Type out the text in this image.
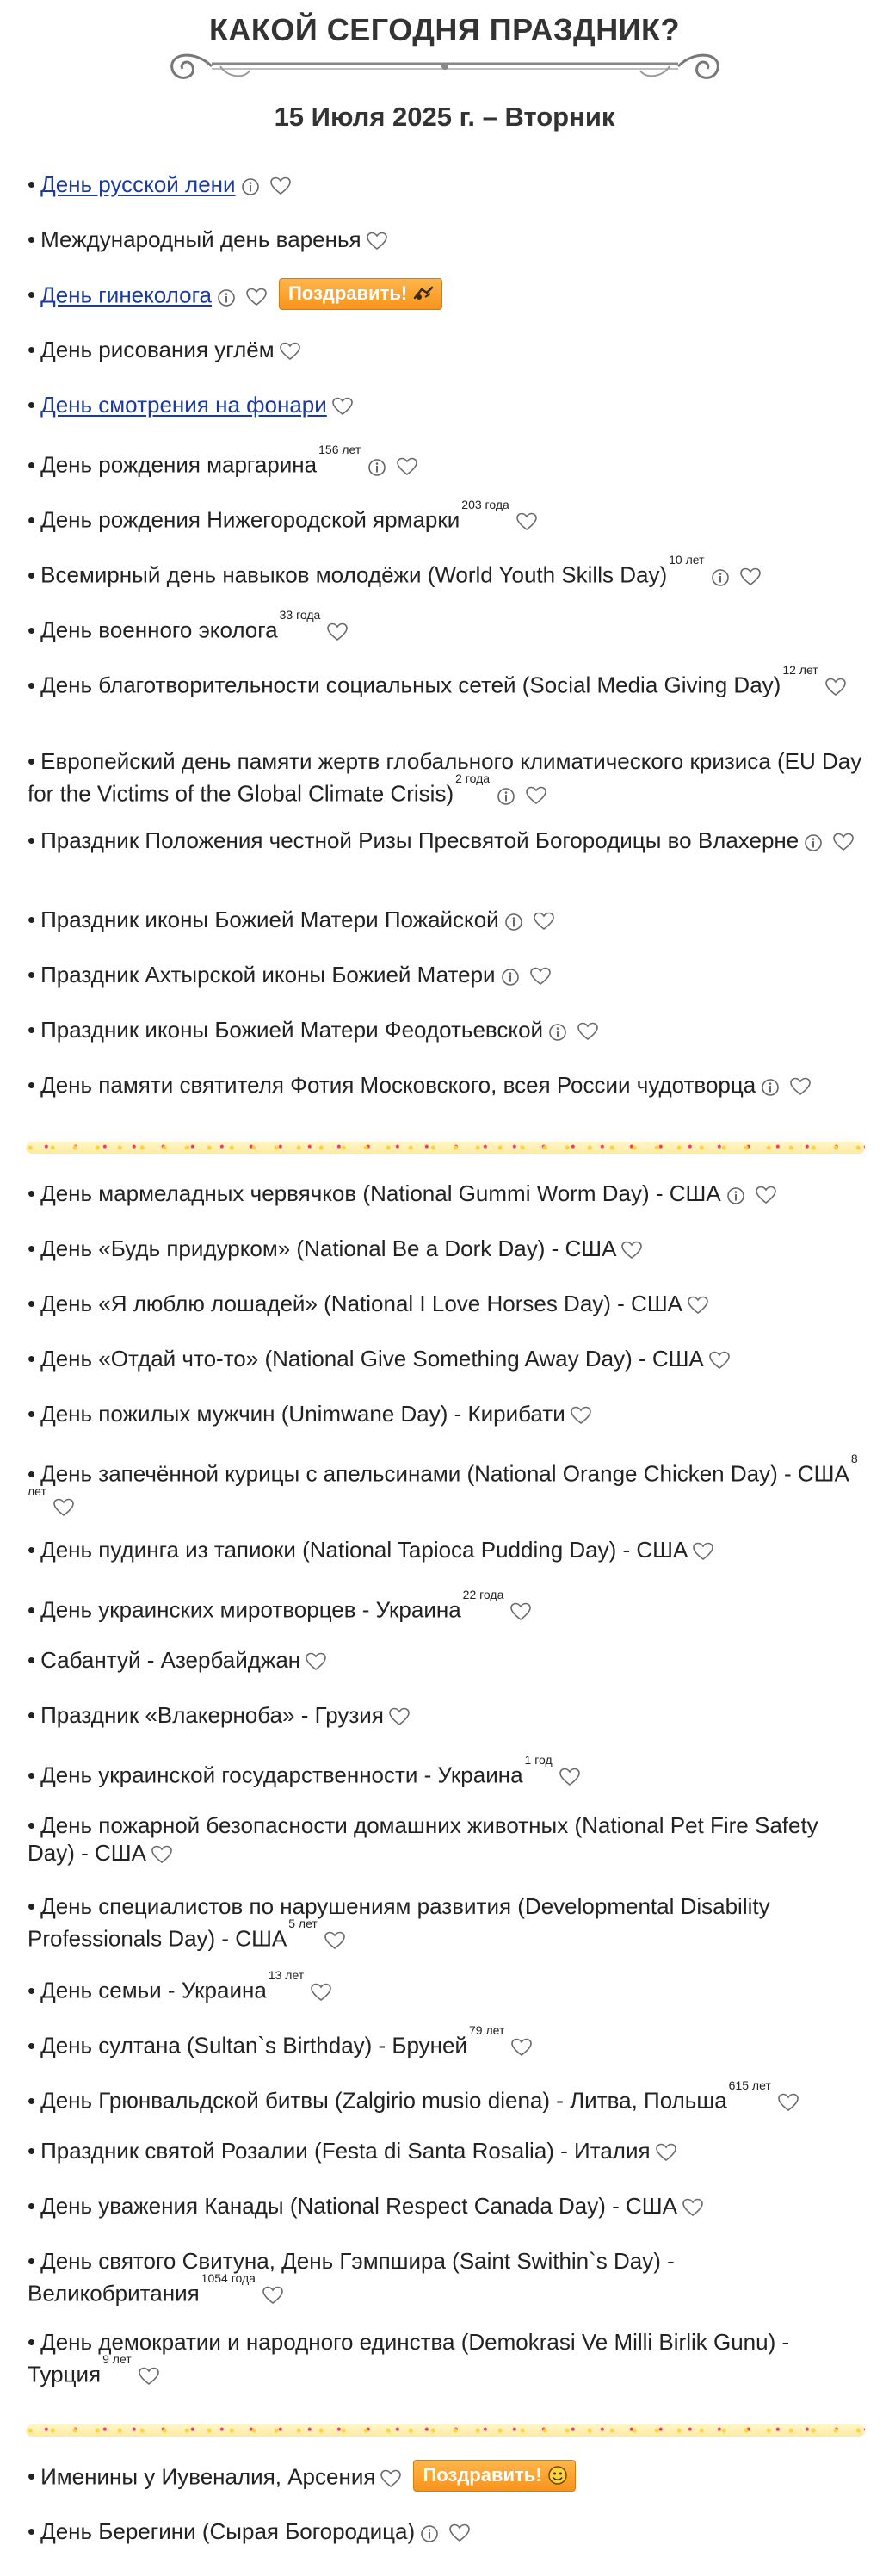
КАКОЙ СЕГОДНЯ ПРАЗДНИК?
15 Июля 2025 г. – Вторник
• День русской лени
• Международный день варенья
• День гинеколога	Поздравить!
• День рисования углём
• День смотрения на фонари
• День рождения маргарина$^{156 лет}$
• День рождения Нижегородской ярмарки$^{203 года}$
• Всемирный день навыков молодёжи (World Youth Skills Day)$^{10 лет}$
• День военного эколога$^{33 года}$
• День благотворительности социальных сетей (Social Media Giving Day)$^{12 лет}$
• Европейский день памяти жертв глобального климатического кризиса (EU Day for the Victims of the Global Climate Crisis)$^{2 года}$
• Праздник Положения честной Ризы Пресвятой Богородицы во Влахерне
• Праздник иконы Божией Матери Пожайской
• Праздник Ахтырской иконы Божией Матери
• Праздник иконы Божией Матери Феодотьевской
• День памяти святителя Фотия Московского, всея России чудотворца
• День мармеладных червячков (National Gummi Worm Day) - США
• День «Будь придурком» (National Be a Dork Day) - США
• День «Я люблю лошадей» (National I Love Horses Day) - США
• День «Отдай что-то» (National Give Something Away Day) - США
• День пожилых мужчин (Unimwane Day) - Кирибати
• День запечённой курицы с апельсинами (National Orange Chicken $Day) - США^{8 лет}$
• День пудинга из тапиоки (National Tapioca Pudding Day) - США
• День украинских миротворцев - Украина$^{22 года}$
• Сабантуй - Азербайджан
• Праздник «Влакерноба» - Грузия
• День украинской государственности - Украина$^{1 год}$
• День пожарной безопасности домашних животных (National Pet Fire Safety Day) - США
• День специалистов по нарушениям развития (Developmental Disability Professionals $Day) - США^{5 лет}$
• День семьи - Украина$^{13 лет}$
• День султана (Sultan`s Birthday) - Бруней$^{79 лет}$
• День Грюнвальдской битвы (Zalgirio musio diena) - Литва, Польша$^{615 лет}$
• Праздник святой Розалии (Festa di Santa Rosalia) - Италия
• День уважения Канады (National Respect Canada Day) - США
• День святого Свитуна, День Гэмпшира (Saint Swithin`s Day) - Великобритания$^{1054 года}$
• День демократии и народного единства (Demokrasi Ve Milli Birlik Gunu) - Турция$^{9 лет}$
• Именины у Иувеналия, Арсения	Поздравить!
• День Берегини (Сырая Богородица)
